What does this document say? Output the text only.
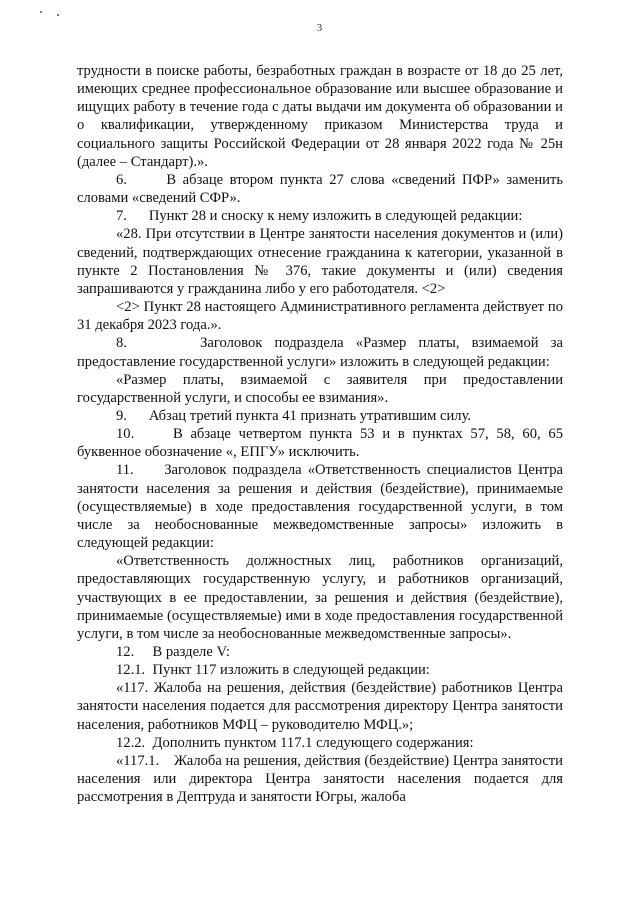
3

трудности в поиске работы, безработных граждан в возрасте от 18 до 25 лет, имеющих среднее профессиональное образование или высшее образование и ищущих работу в течение года с даты выдачи им документа об образовании и о квалификации, утвержденному приказом Министерства труда и социального защиты Российской Федерации от 28 января 2022 года № 25н (далее – Стандарт).».

6.      В абзаце втором пункта 27 слова «сведений ПФР» заменить словами «сведений СФР».

7.      Пункт 28 и сноску к нему изложить в следующей редакции:

«28. При отсутствии в Центре занятости населения документов и (или) сведений, подтверждающих отнесение гражданина к категории, указанной в пункте 2 Постановления № 376, такие документы и (или) сведения запрашиваются у гражданина либо у его работодателя. <2>

<2> Пункт 28 настоящего Административного регламента действует по 31 декабря 2023 года.».

8.      Заголовок подраздела «Размер платы, взимаемой за предоставление государственной услуги» изложить в следующей редакции:

«Размер платы, взимаемой с заявителя при предоставлении государственной услуги, и способы ее взимания».

9.      Абзац третий пункта 41 признать утратившим силу.

10.     В абзаце четвертом пункта 53 и в пунктах 57, 58, 60, 65 буквенное обозначение «, ЕПГУ» исключить.

11.     Заголовок подраздела «Ответственность специалистов Центра занятости населения за решения и действия (бездействие), принимаемые (осуществляемые) в ходе предоставления государственной услуги, в том числе за необоснованные межведомственные запросы» изложить в следующей редакции:

«Ответственность должностных лиц, работников организаций, предоставляющих государственную услугу, и работников организаций, участвующих в ее предоставлении, за решения и действия (бездействие), принимаемые (осуществляемые) ими в ходе предоставления государственной услуги, в том числе за необоснованные межведомственные запросы».

12.     В разделе V:

12.1.  Пункт 117 изложить в следующей редакции:

«117. Жалоба на решения, действия (бездействие) работников Центра занятости населения подается для рассмотрения директору Центра занятости населения, работников МФЦ – руководителю МФЦ.»;

12.2.  Дополнить пунктом 117.1 следующего содержания:

«117.1.    Жалоба на решения, действия (бездействие) Центра занятости населения или директора Центра занятости населения подается для рассмотрения в Дептруда и занятости Югры, жалоба
